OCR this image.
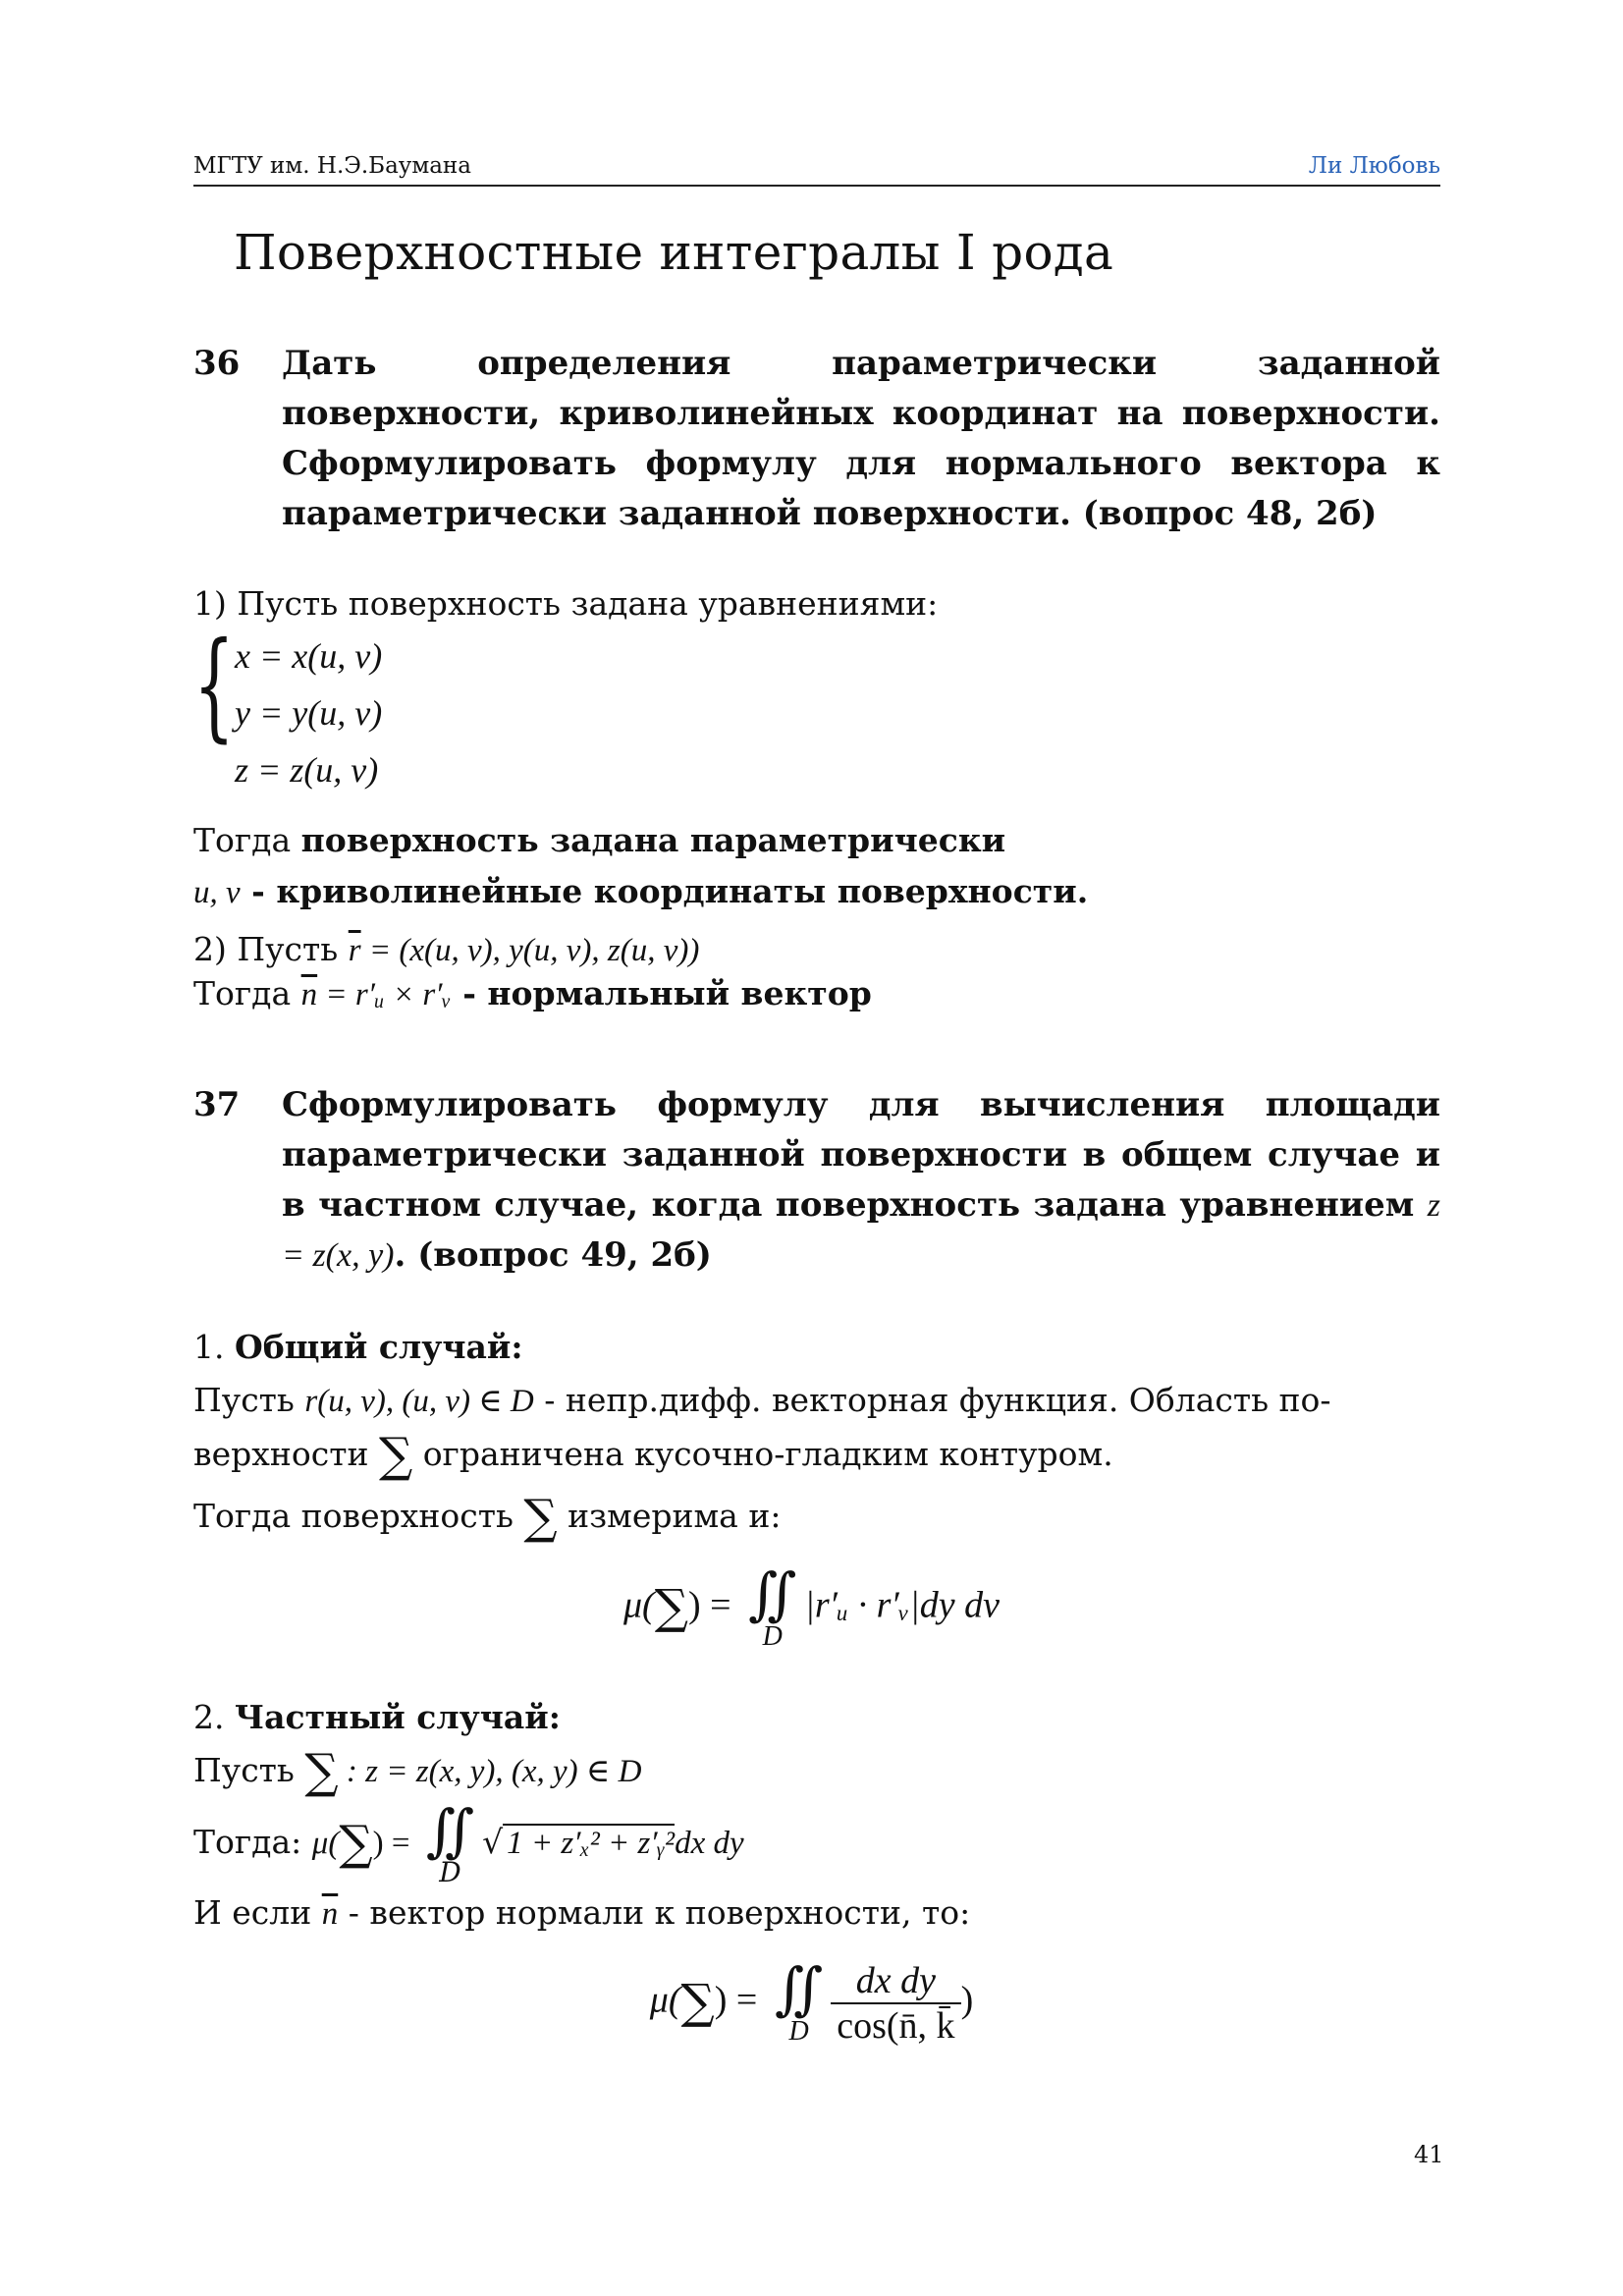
МГТУ им. Н.Э.Баумана	Ли Любовь
Поверхностные интегралы I рода
36	Дать определения параметрически заданной поверхности, криволинейных координат на поверхности. Сформулировать формулу для нормального вектора к параметрически заданной поверхности. (вопрос 48, 2б)
1) Пусть поверхность задана уравнениями:
{ x = x(u, v)
y = y(u, v)
z = z(u, v)
Тогда поверхность задана параметрически
u, v - криволинейные координаты поверхности.
2) Пусть $\overline{r} = (x(u$, v), y(u, v), z(u, v))
Тогда $\overline{n}$ = r′ᵤ × r′ᵥ - нормальный вектор
37	Сформулировать формулу для вычисления площади параметрически заданной поверхности в общем случае и в частном случае, когда поверхность задана уравнением z = z(x, y). (вопрос 49, 2б)
1. Общий случай:
Пусть r(u, v), (u, v) ∈ D - непр.дифф. векторная функция. Область по-
верхности ∑ ограничена кусочно-гладким контуром.
Тогда поверхность ∑ измерима и:
μ(∑) = ∬
D
|r′ᵤ · r′ᵥ|dy dv
2. Частный случай:
Пусть ∑ : z = z(x, y), (x, y) ∈ D
Тогда: μ(∑) = ∬
D
√ 1 + z′ₓ² + z′ᵧ²dx dy
И если $\overline{n}$ - вектор нормали к поверхности, то:
μ(∑) = ∬
D $\frac{\text{dx dy}}{\cos(n̄, k̄}$ )
41
